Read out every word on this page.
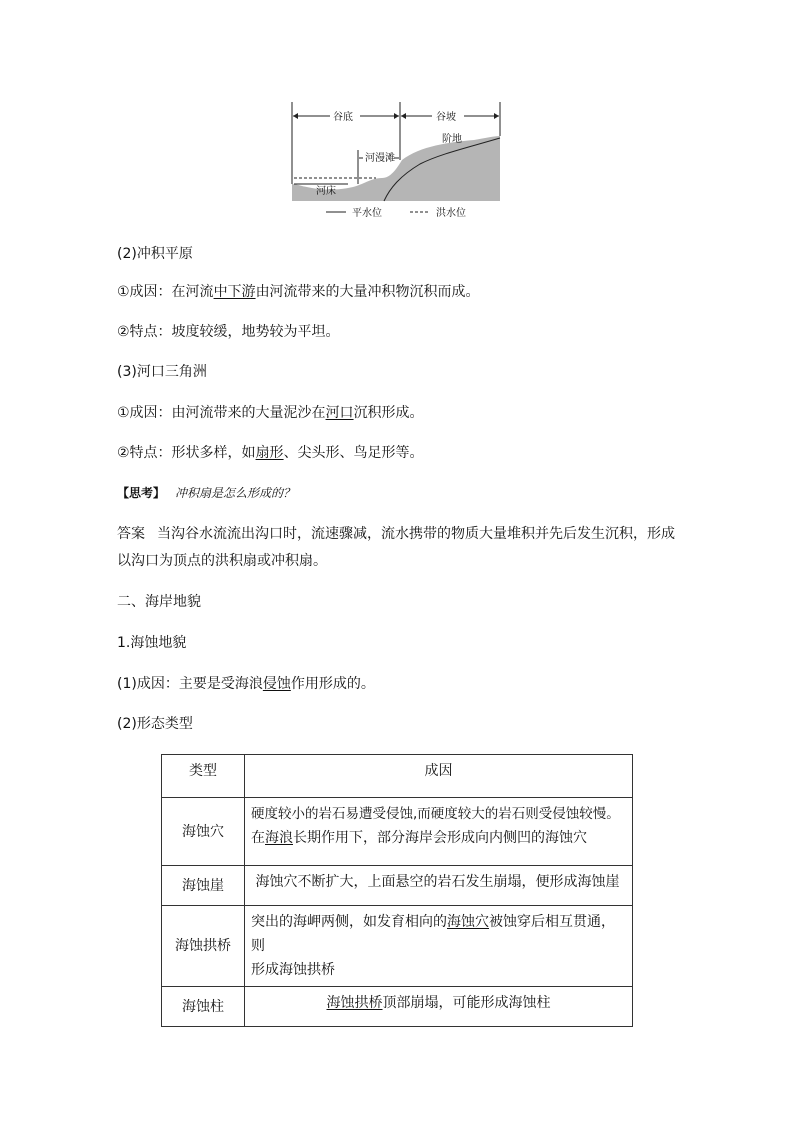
谷底	谷坡
河漫滩
阶地
河床
平水位	洪水位
(2)冲积平原
①成因：在河流中下游由河流带来的大量冲积物沉积而成。
②特点：坡度较缓，地势较为平坦。
(3)河口三角洲
①成因：由河流带来的大量泥沙在河口沉积形成。
②特点：形状多样，如扇形、尖头形、鸟足形等。
【思考】 冲积扇是怎么形成的？
答案 当沟谷水流流出沟口时，流速骤减，流水携带的物质大量堆积并先后发生沉积，形成
以沟口为顶点的洪积扇或冲积扇。
二、海岸地貌
1.海蚀地貌
(1)成因：主要是受海浪侵蚀作用形成的。
(2)形态类型
类型	成因
海蚀穴	硬度较小的岩石易遭受侵蚀,而硬度较大的岩石则受侵蚀较慢。
在海浪长期作用下，部分海岸会形成向内侧凹的海蚀穴

海蚀崖	海蚀穴不断扩大，上面悬空的岩石发生崩塌，便形成海蚀崖
海蚀拱桥	突出的海岬两侧，如发育相向的海蚀穴被蚀穿后相互贯通，则
形成海蚀拱桥

海蚀柱	海蚀拱桥顶部崩塌，可能形成海蚀柱
